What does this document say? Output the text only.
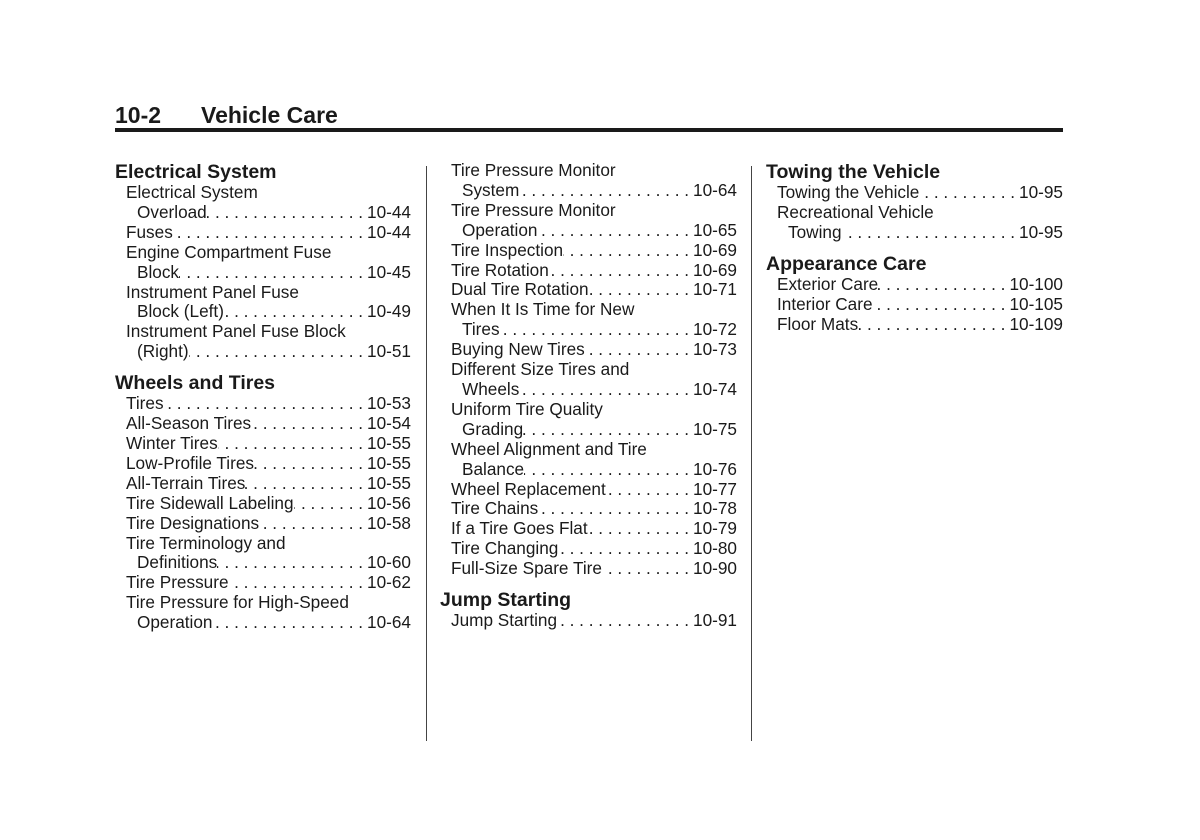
10-2 Vehicle Care
Electrical System
Electrical System
Overload . . .	10-44
Fuses . . .	10-44
Engine Compartment Fuse
Block . . .	10-45
Instrument Panel Fuse
Block (Left) . . .	10-49
Instrument Panel Fuse Block
(Right) . . .	10-51
Wheels and Tires
Tires . . .	10-53
All-Season Tires . . .	10-54
Winter Tires . . .	10-55
Low-Profile Tires . . .	10-55
All-Terrain Tires . . .	10-55
Tire Sidewall Labeling . . .	10-56
Tire Designations . . .	10-58
Tire Terminology and
Definitions . . .	10-60
Tire Pressure . . .	10-62
Tire Pressure for High-Speed
Operation . . .	10-64
Tire Pressure Monitor
System . . .	10-64
Tire Pressure Monitor
Operation . . .	10-65
Tire Inspection . . .	10-69
Tire Rotation . . .	10-69
Dual Tire Rotation . . .	10-71
When It Is Time for New
Tires . . .	10-72
Buying New Tires . . .	10-73
Different Size Tires and
Wheels . . .	10-74
Uniform Tire Quality
Grading . . .	10-75
Wheel Alignment and Tire
Balance . . .	10-76
Wheel Replacement . . .	10-77
Tire Chains . . .	10-78
If a Tire Goes Flat . . .	10-79
Tire Changing . . .	10-80
Full-Size Spare Tire . . .	10-90
Jump Starting
Jump Starting . . .	10-91
Towing the Vehicle
Towing the Vehicle . . .	10-95
Recreational Vehicle
Towing . . .	10-95
Appearance Care
Exterior Care . . .	10-100
Interior Care . . .	10-105
Floor Mats . . .	10-109
